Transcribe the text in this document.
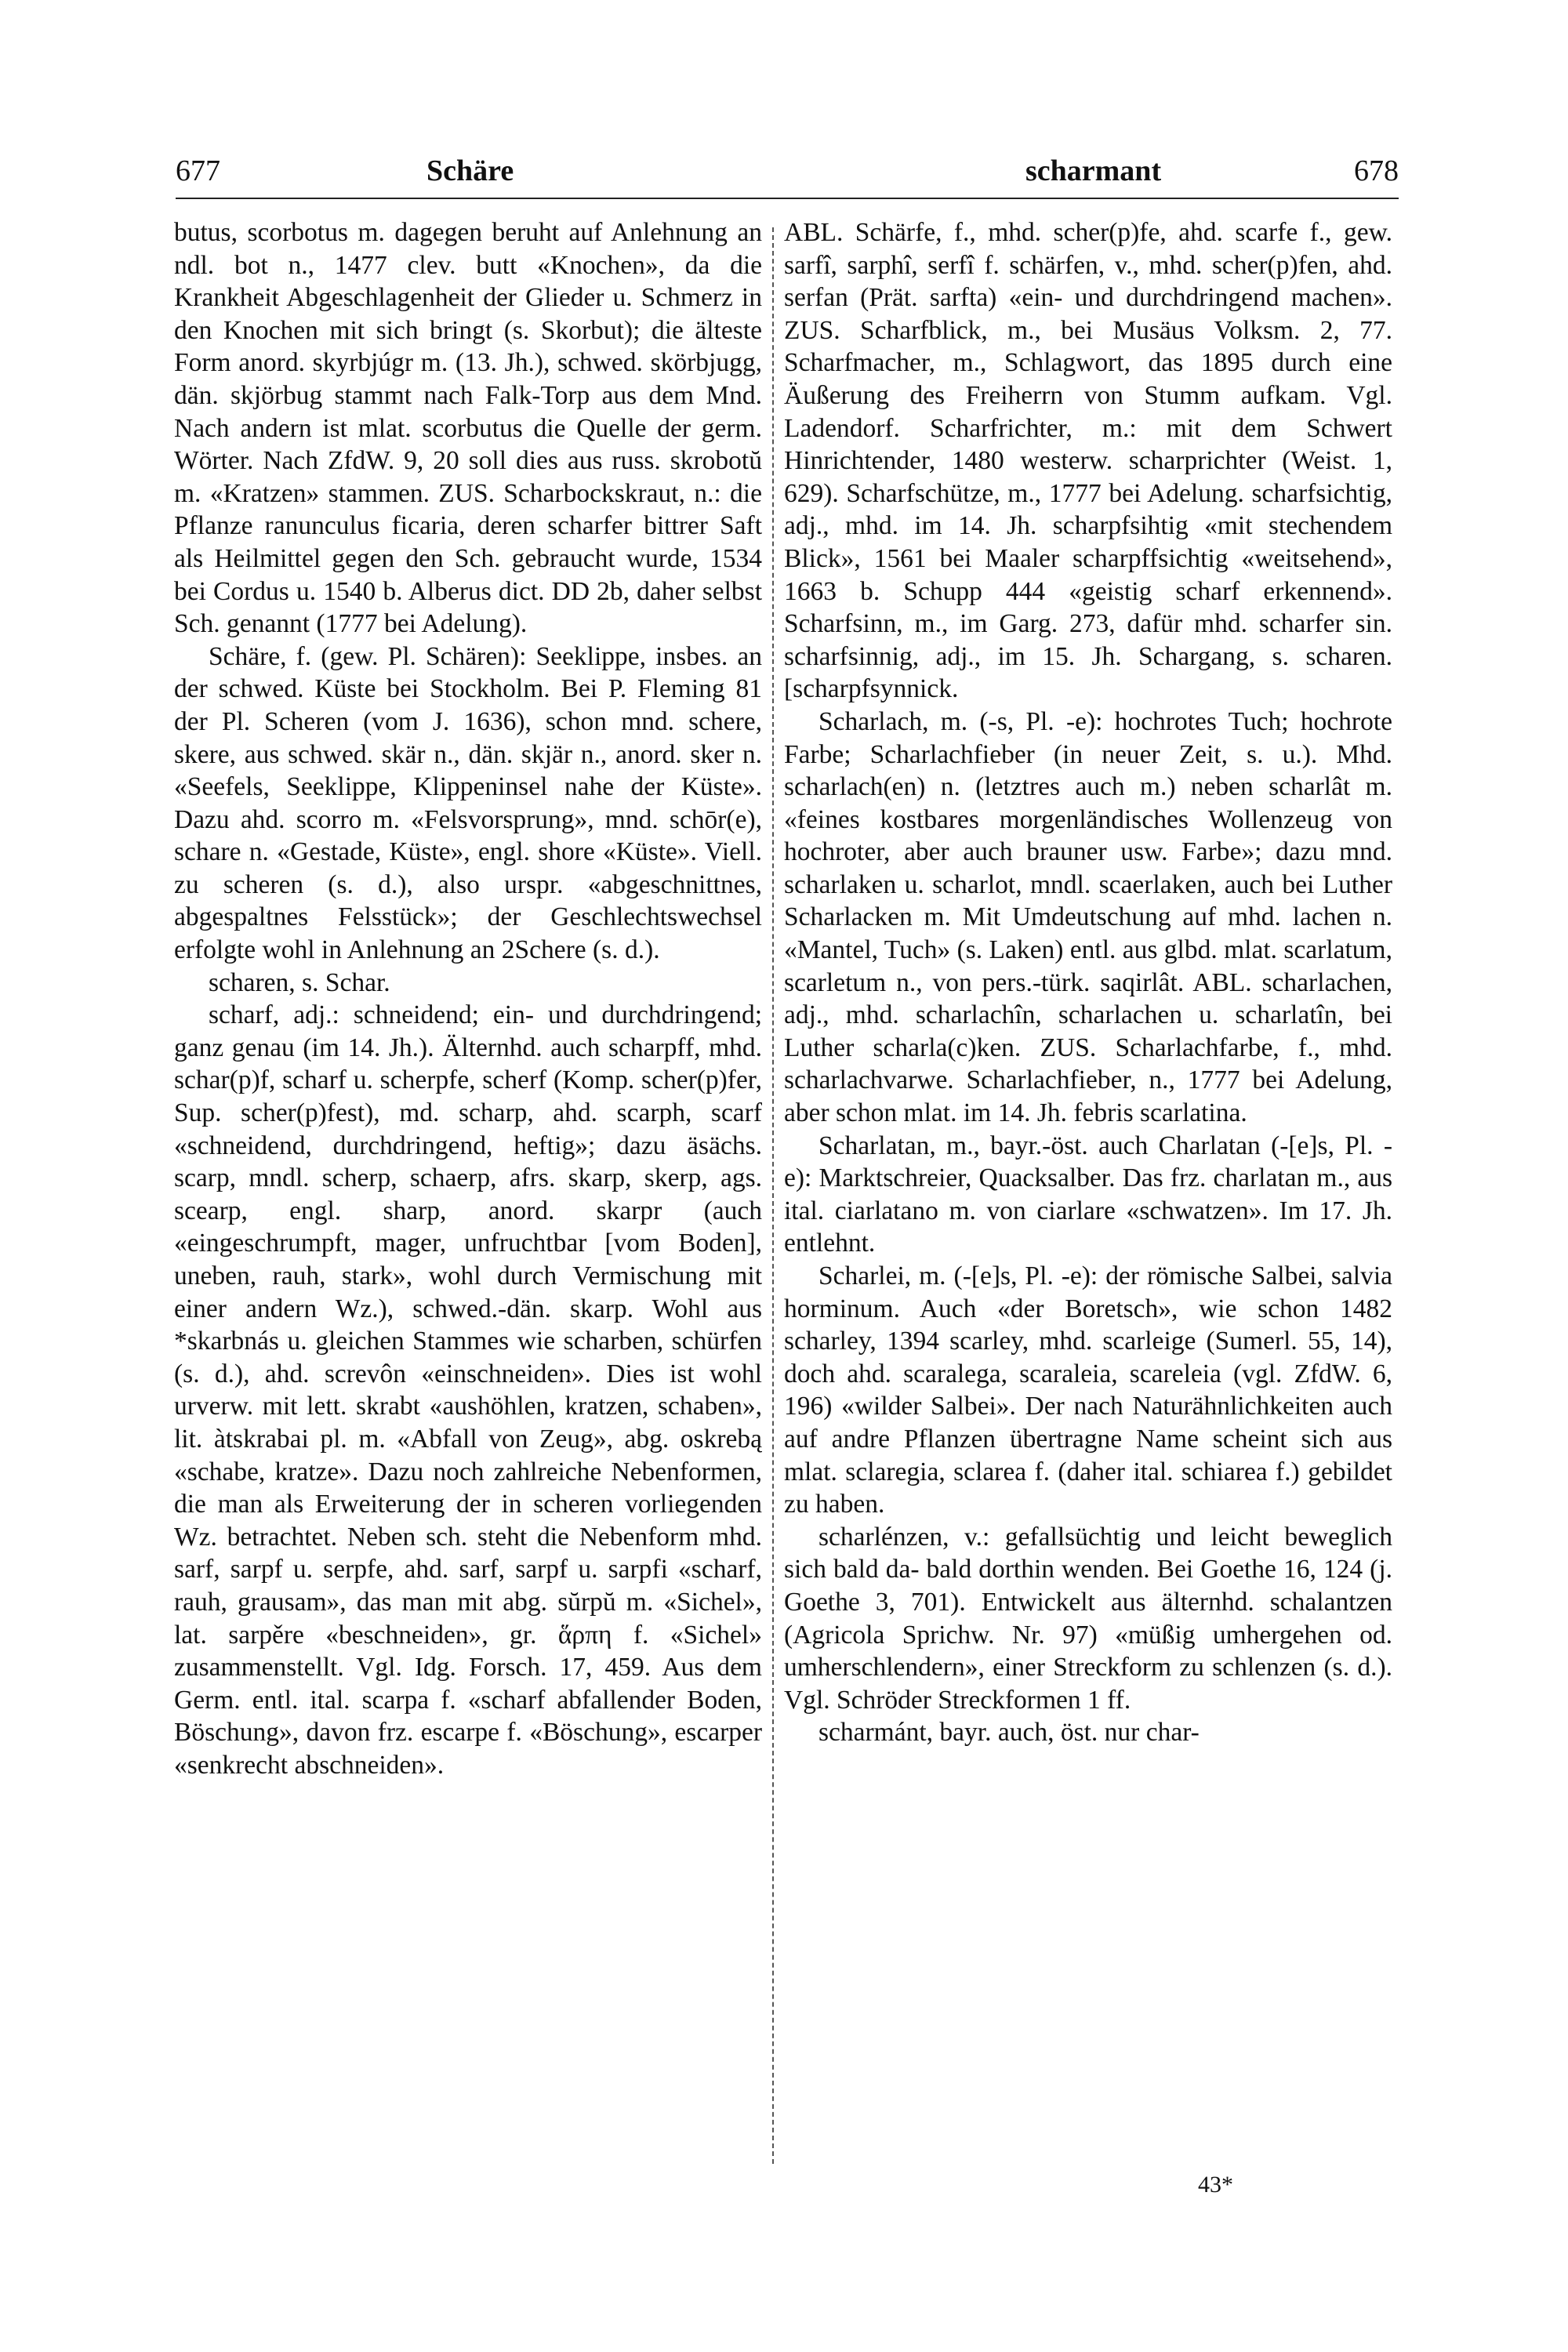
677	Schäre	scharmant	678

butus, scorbotus m. dagegen beruht auf Anlehnung an ndl. bot n., 1477 clev. butt «Knochen», da die Krankheit Abgeschlagenheit der Glieder u. Schmerz in den Knochen mit sich bringt (s. Skorbut); die älteste Form anord. skyrbjúgr m. (13. Jh.), schwed. skörbjugg, dän. skjörbug stammt nach Falk-Torp aus dem Mnd. Nach andern ist mlat. scorbutus die Quelle der germ. Wörter. Nach ZfdW. 9, 20 soll dies aus russ. skrobotŭ m. «Kratzen» stammen. ZUS. Scharbockskraut, n.: die Pflanze ranunculus ficaria, deren scharfer bittrer Saft als Heilmittel gegen den Sch. gebraucht wurde, 1534 bei Cordus u. 1540 b. Alberus dict. DD 2b, daher selbst Sch. genannt (1777 bei Adelung).

Schäre, f. (gew. Pl. Schären): Seeklippe, insbes. an der schwed. Küste bei Stockholm. Bei P. Fleming 81 der Pl. Scheren (vom J. 1636), schon mnd. schere, skere, aus schwed. skär n., dän. skjär n., anord. sker n. «Seefels, Seeklippe, Klippeninsel nahe der Küste». Dazu ahd. scorro m. «Felsvorsprung», mnd. schōr(e), schare n. «Gestade, Küste», engl. shore «Küste». Viell. zu scheren (s. d.), also urspr. «abgeschnittnes, abgespaltnes Felsstück»; der Geschlechtswechsel erfolgte wohl in Anlehnung an 2Schere (s. d.).

scharen, s. Schar.

scharf, adj.: schneidend; ein- und durchdringend; ganz genau (im 14. Jh.). Älternhd. auch scharpff, mhd. schar(p)f, scharf u. scherpfe, scherf (Komp. scher(p)fer, Sup. scher(p)fest), md. scharp, ahd. scarph, scarf «schneidend, durchdringend, heftig»; dazu äsächs. scarp, mndl. scherp, schaerp, afrs. skarp, skerp, ags. scearp, engl. sharp, anord. skarpr (auch «eingeschrumpft, mager, unfruchtbar [vom Boden], uneben, rauh, stark», wohl durch Vermischung mit einer andern Wz.), schwed.-dän. skarp. Wohl aus *skarbnás u. gleichen Stammes wie scharben, schürfen (s. d.), ahd. screvôn «einschneiden». Dies ist wohl urverw. mit lett. skrabt «aushöhlen, kratzen, schaben», lit. àtskrabai pl. m. «Abfall von Zeug», abg. oskrebą «schabe, kratze». Dazu noch zahlreiche Nebenformen, die man als Erweiterung der in scheren vorliegenden Wz. betrachtet. Neben sch. steht die Nebenform mhd. sarf, sarpf u. serpfe, ahd. sarf, sarpf u. sarpfi «scharf, rauh, grausam», das man mit abg. sŭrpŭ m. «Sichel», lat. sarpěre «beschneiden», gr. ἅρπη f. «Sichel» zusammenstellt. Vgl. Idg. Forsch. 17, 459. Aus dem Germ. entl. ital. scarpa f. «scharf abfallender Boden, Böschung», davon frz. escarpe f. «Böschung», escarper «senkrecht abschneiden».

ABL. Schärfe, f., mhd. scher(p)fe, ahd. scarfe f., gew. sarfî, sarphî, serfî f. schärfen, v., mhd. scher(p)fen, ahd. serfan (Prät. sarfta) «ein- und durchdringend machen». ZUS. Scharfblick, m., bei Musäus Volksm. 2, 77. Scharfmacher, m., Schlagwort, das 1895 durch eine Äußerung des Freiherrn von Stumm aufkam. Vgl. Ladendorf. Scharfrichter, m.: mit dem Schwert Hinrichtender, 1480 westerw. scharprichter (Weist. 1, 629). Scharfschütze, m., 1777 bei Adelung. scharfsichtig, adj., mhd. im 14. Jh. scharpfsihtig «mit stechendem Blick», 1561 bei Maaler scharpffsichtig «weitsehend», 1663 b. Schupp 444 «geistig scharf erkennend». Scharfsinn, m., im Garg. 273, dafür mhd. scharfer sin. scharfsinnig, adj., im 15. Jh. Schargang, s. scharen. [scharpfsynnick.

Scharlach, m. (-s, Pl. -e): hochrotes Tuch; hochrote Farbe; Scharlachfieber (in neuer Zeit, s. u.). Mhd. scharlach(en) n. (letztres auch m.) neben scharlât m. «feines kostbares morgenländisches Wollenzeug von hochroter, aber auch brauner usw. Farbe»; dazu mnd. scharlaken u. scharlot, mndl. scaerlaken, auch bei Luther Scharlacken m. Mit Umdeutschung auf mhd. lachen n. «Mantel, Tuch» (s. Laken) entl. aus glbd. mlat. scarlatum, scarletum n., von pers.-türk. saqirlât. ABL. scharlachen, adj., mhd. scharlachîn, scharlachen u. scharlatîn, bei Luther scharla(c)ken. ZUS. Scharlachfarbe, f., mhd. scharlachvarwe. Scharlachfieber, n., 1777 bei Adelung, aber schon mlat. im 14. Jh. febris scarlatina.

Scharlatan, m., bayr.-öst. auch Charlatan (-[e]s, Pl. -e): Marktschreier, Quacksalber. Das frz. charlatan m., aus ital. ciarlatano m. von ciarlare «schwatzen». Im 17. Jh. entlehnt.

Scharlei, m. (-[e]s, Pl. -e): der römische Salbei, salvia horminum. Auch «der Boretsch», wie schon 1482 scharley, 1394 scarley, mhd. scarleige (Sumerl. 55, 14), doch ahd. scaralega, scaraleia, scareleia (vgl. ZfdW. 6, 196) «wilder Salbei». Der nach Naturähnlichkeiten auch auf andre Pflanzen übertragne Name scheint sich aus mlat. sclaregia, sclarea f. (daher ital. schiarea f.) gebildet zu haben.

scharlénzen, v.: gefallsüchtig und leicht beweglich sich bald da- bald dorthin wenden. Bei Goethe 16, 124 (j. Goethe 3, 701). Entwickelt aus älternhd. schalantzen (Agricola Sprichw. Nr. 97) «müßig umhergehen od. umherschlendern», einer Streckform zu schlenzen (s. d.). Vgl. Schröder Streckformen 1 ff.

scharmánt, bayr. auch, öst. nur char-

43*
